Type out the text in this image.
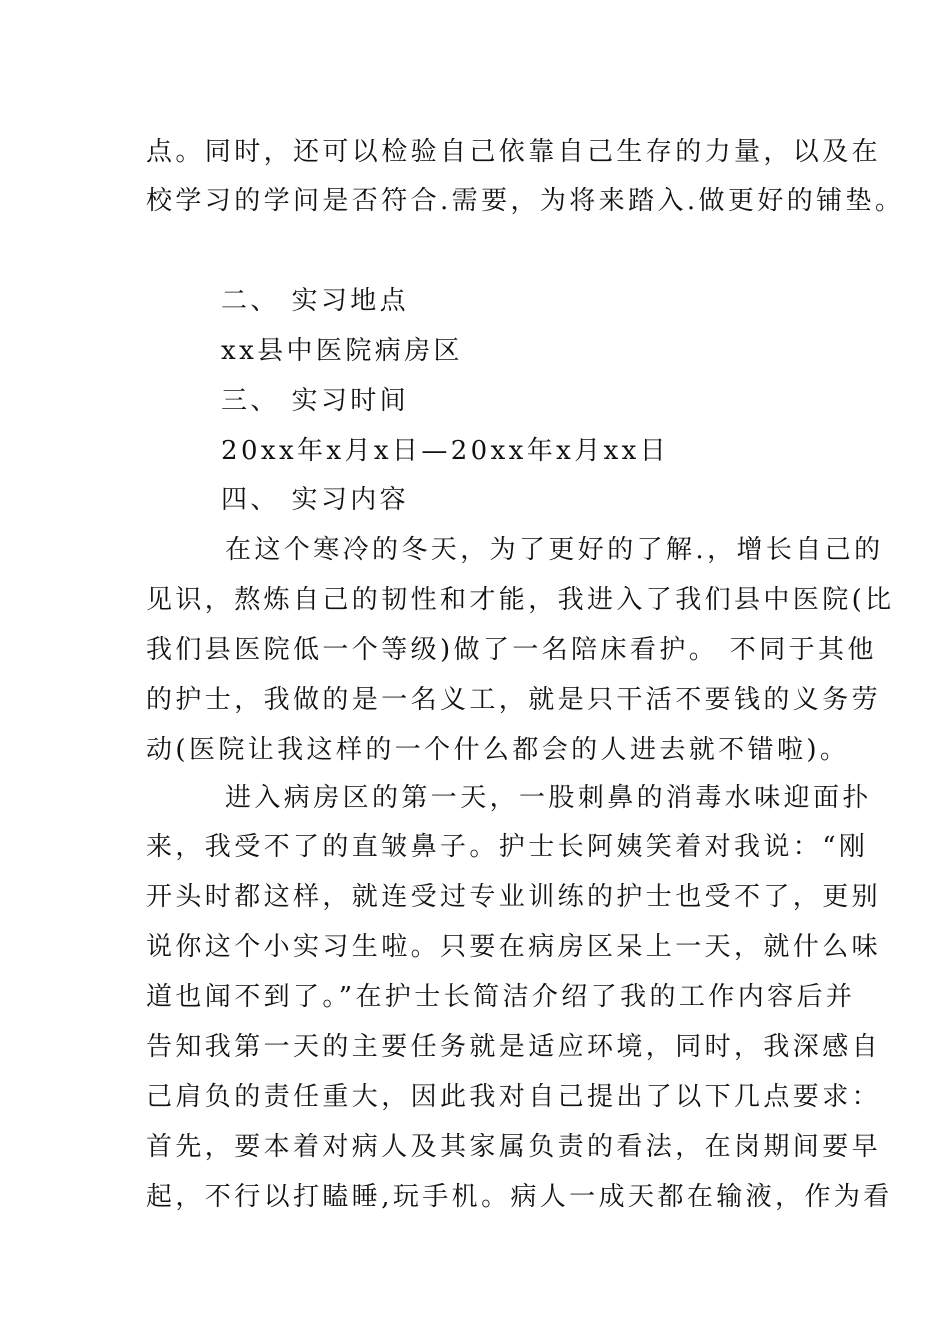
点。同时，还可以检验自己依靠自己生存的力量，以及在
校学习的学问是否符合.需要，为将来踏入.做更好的铺垫。
二、 实习地点
xx县中医院病房区
三、 实习时间
20xx年x月x日—20xx年x月xx日
四、 实习内容
在这个寒冷的冬天，为了更好的了解.，增长自己的
见识，熬炼自己的韧性和才能，我进入了我们县中医院(比
我们县医院低一个等级)做了一名陪床看护。 不同于其他
的护士，我做的是一名义工，就是只干活不要钱的义务劳
动(医院让我这样的一个什么都会的人进去就不错啦)。
进入病房区的第一天，一股刺鼻的消毒水味迎面扑
来，我受不了的直皱鼻子。护士长阿姨笑着对我说：“刚
开头时都这样，就连受过专业训练的护士也受不了，更别
说你这个小实习生啦。只要在病房区呆上一天，就什么味
道也闻不到了。”在护士长简洁介绍了我的工作内容后并
告知我第一天的主要任务就是适应环境，同时，我深感自
己肩负的责任重大，因此我对自己提出了以下几点要求：
首先，要本着对病人及其家属负责的看法，在岗期间要早
起，不行以打瞌睡,玩手机。病人一成天都在输液，作为看
